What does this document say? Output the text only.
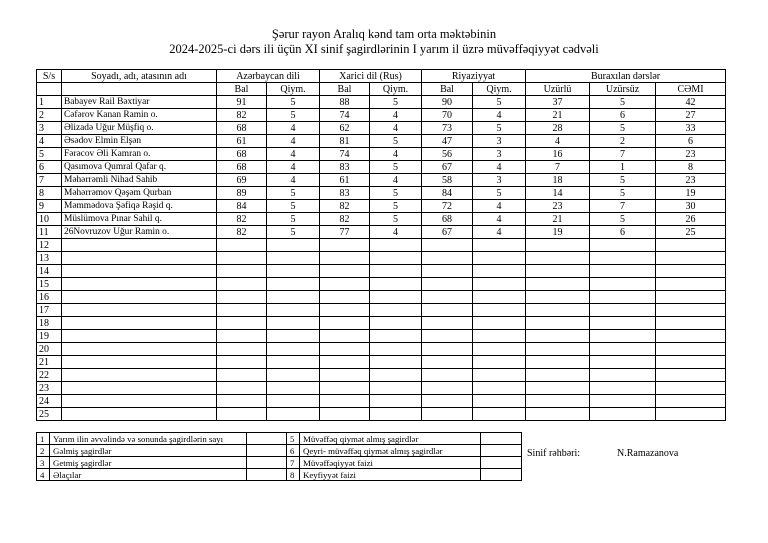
Şərur rayon Aralıq kənd tam orta məktəbinin
2024-2025-ci dərs ili üçün XI sinif şagirdlərinin I yarım il üzrə müvəffəqiyyət cədvəli
S/s	Soyadı, adı, atasının adı	Azərbaycan dili		Xarici dil (Rus)		Riyaziyyat		Buraxılan dərslər		
		Bal	Qiym.	Bal	Qiym.	Bal	Qiym.	Uzürlü	Uzürsüz	CƏMI
1	Babayev Rail Bəxtiyar	91	5	88	5	90	5	37	5	42
2	Cəfərov Kanan Ramin o.	82	5	74	4	70	4	21	6	27
3	Əlizadə Uğur Müşfiq o.	68	4	62	4	73	5	28	5	33
4	Əsədov Elmin Elşən	61	4	81	5	47	3	4	2	6
5	Fərəcov Əli Kamran o.	68	4	74	4	56	3	16	7	23
6	Qasımova Qumral Qafar q.	68	4	83	5	67	4	7	1	8
7	Məhərrəmli Nihad Sahib	69	4	61	4	58	3	18	5	23
8	Məhərrəmov Qəşəm Qurban	89	5	83	5	84	5	14	5	19
9	Məmmədova Şəfiqə Rəşid q.	84	5	82	5	72	4	23	7	30
10	Müslümova Pınar Sahil q.	82	5	82	5	68	4	21	5	26
11	26Novruzov Uğur Ramin o.	82	5	77	4	67	4	19	6	25
12										
13										
14										
15										
16										
17										
18										
19										
20										
21										
22										
23										
24										
25										
1	Yarım ilin əvvəlində və sonunda şagirdlərin sayı		5	Müvəffəq qiymət almış şagirdlər	
2	Gəlmiş şagirdlər		6	Qeyri- müvəffəq qiymət almış şagirdlər	
3	Getmiş şagirdlər		7	Müvəffəqiyyət faizi	
4	Əlaçılar		8	Keyfiyyət faizi	
Sinif rəhbəri:	N.Ramazanova
